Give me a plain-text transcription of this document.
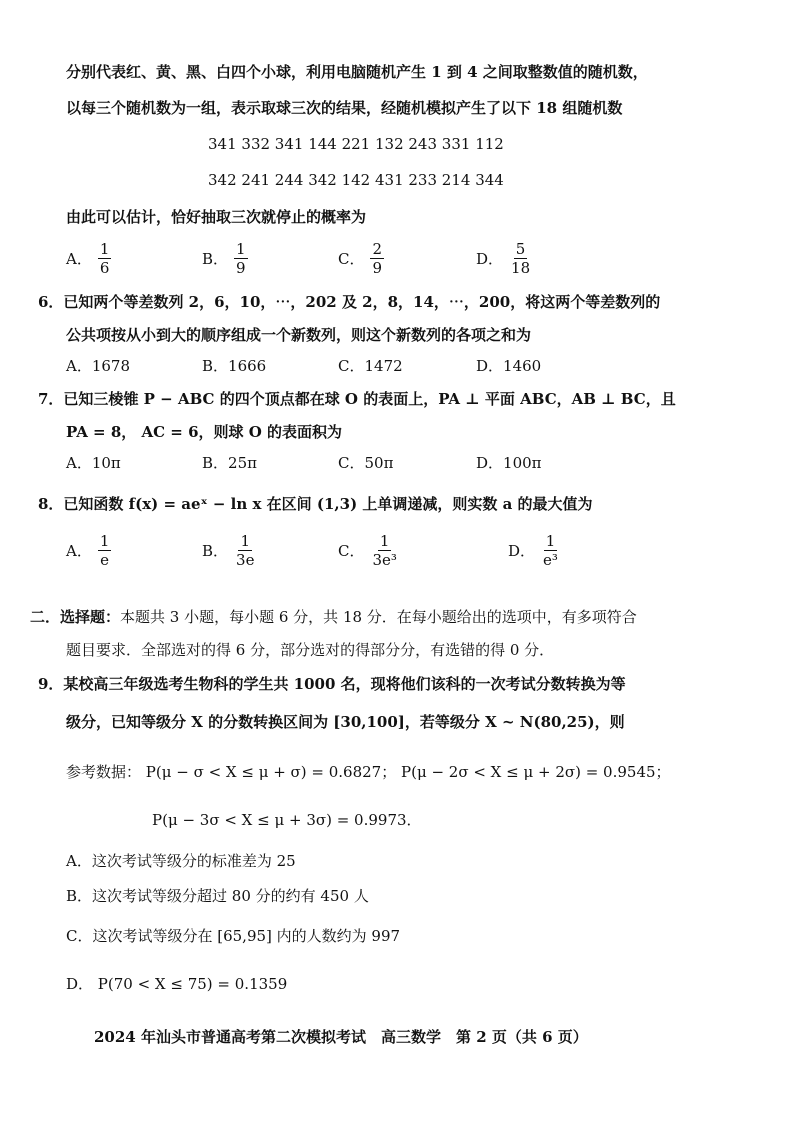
分别代表红、黄、黑、白四个小球，利用电脑随机产生 1 到 4 之间取整数值的随机数，
以每三个随机数为一组，表示取球三次的结果，经随机模拟产生了以下 18 组随机数
341 332 341 144 221 132 243 331 112
342 241 244 342 142 431 233 214 344
由此可以估计，恰好抽取三次就停止的概率为
A． $\frac{1}{6}$	B． $\frac{1}{9}$	C． $\frac{2}{9}$	D． $\frac{5}{18}$
6．已知两个等差数列 2，6，10，⋯，202 及 2，8，14，⋯，200，将这两个等差数列的
公共项按从小到大的顺序组成一个新数列，则这个新数列的各项之和为
A．1678	B．1666	C．1472	D．1460
7．已知三棱锥 P − ABC 的四个顶点都在球 O 的表面上，PA ⊥ 平面 ABC，AB ⊥ BC，且
PA = 8， AC = 6，则球 O 的表面积为
A．10π	B．25π	C．50π	D．100π
8．已知函数 f(x) = aeˣ − ln x 在区间 (1,3) 上单调递减，则实数 a 的最大值为
A． $\frac{1}{e}$	B． $\frac{1}{3e}$	C． $\frac{1}{\text{3e³}}$	D． $\frac{1}{\text{e³}}$
二．选择题：本题共 3 小题，每小题 6 分，共 18 分．在每小题给出的选项中，有多项符合
题目要求．全部选对的得 6 分，部分选对的得部分分，有选错的得 0 分．
9．某校高三年级选考生物科的学生共 1000 名，现将他们该科的一次考试分数转换为等
级分，已知等级分 X 的分数转换区间为 [30,100]，若等级分 X ~ N(80,25)，则
参考数据： P(μ − σ < X ≤ μ + σ) = 0.6827； P(μ − 2σ < X ≤ μ + 2σ) = 0.9545；
P(μ − 3σ < X ≤ μ + 3σ) = 0.9973．
A．这次考试等级分的标准差为 25
B．这次考试等级分超过 80 分的约有 450 人
C．这次考试等级分在 [65,95] 内的人数约为 997
D． P(70 < X ≤ 75) = 0.1359
2024 年汕头市普通高考第二次模拟考试　高三数学　第 2 页（共 6 页）
